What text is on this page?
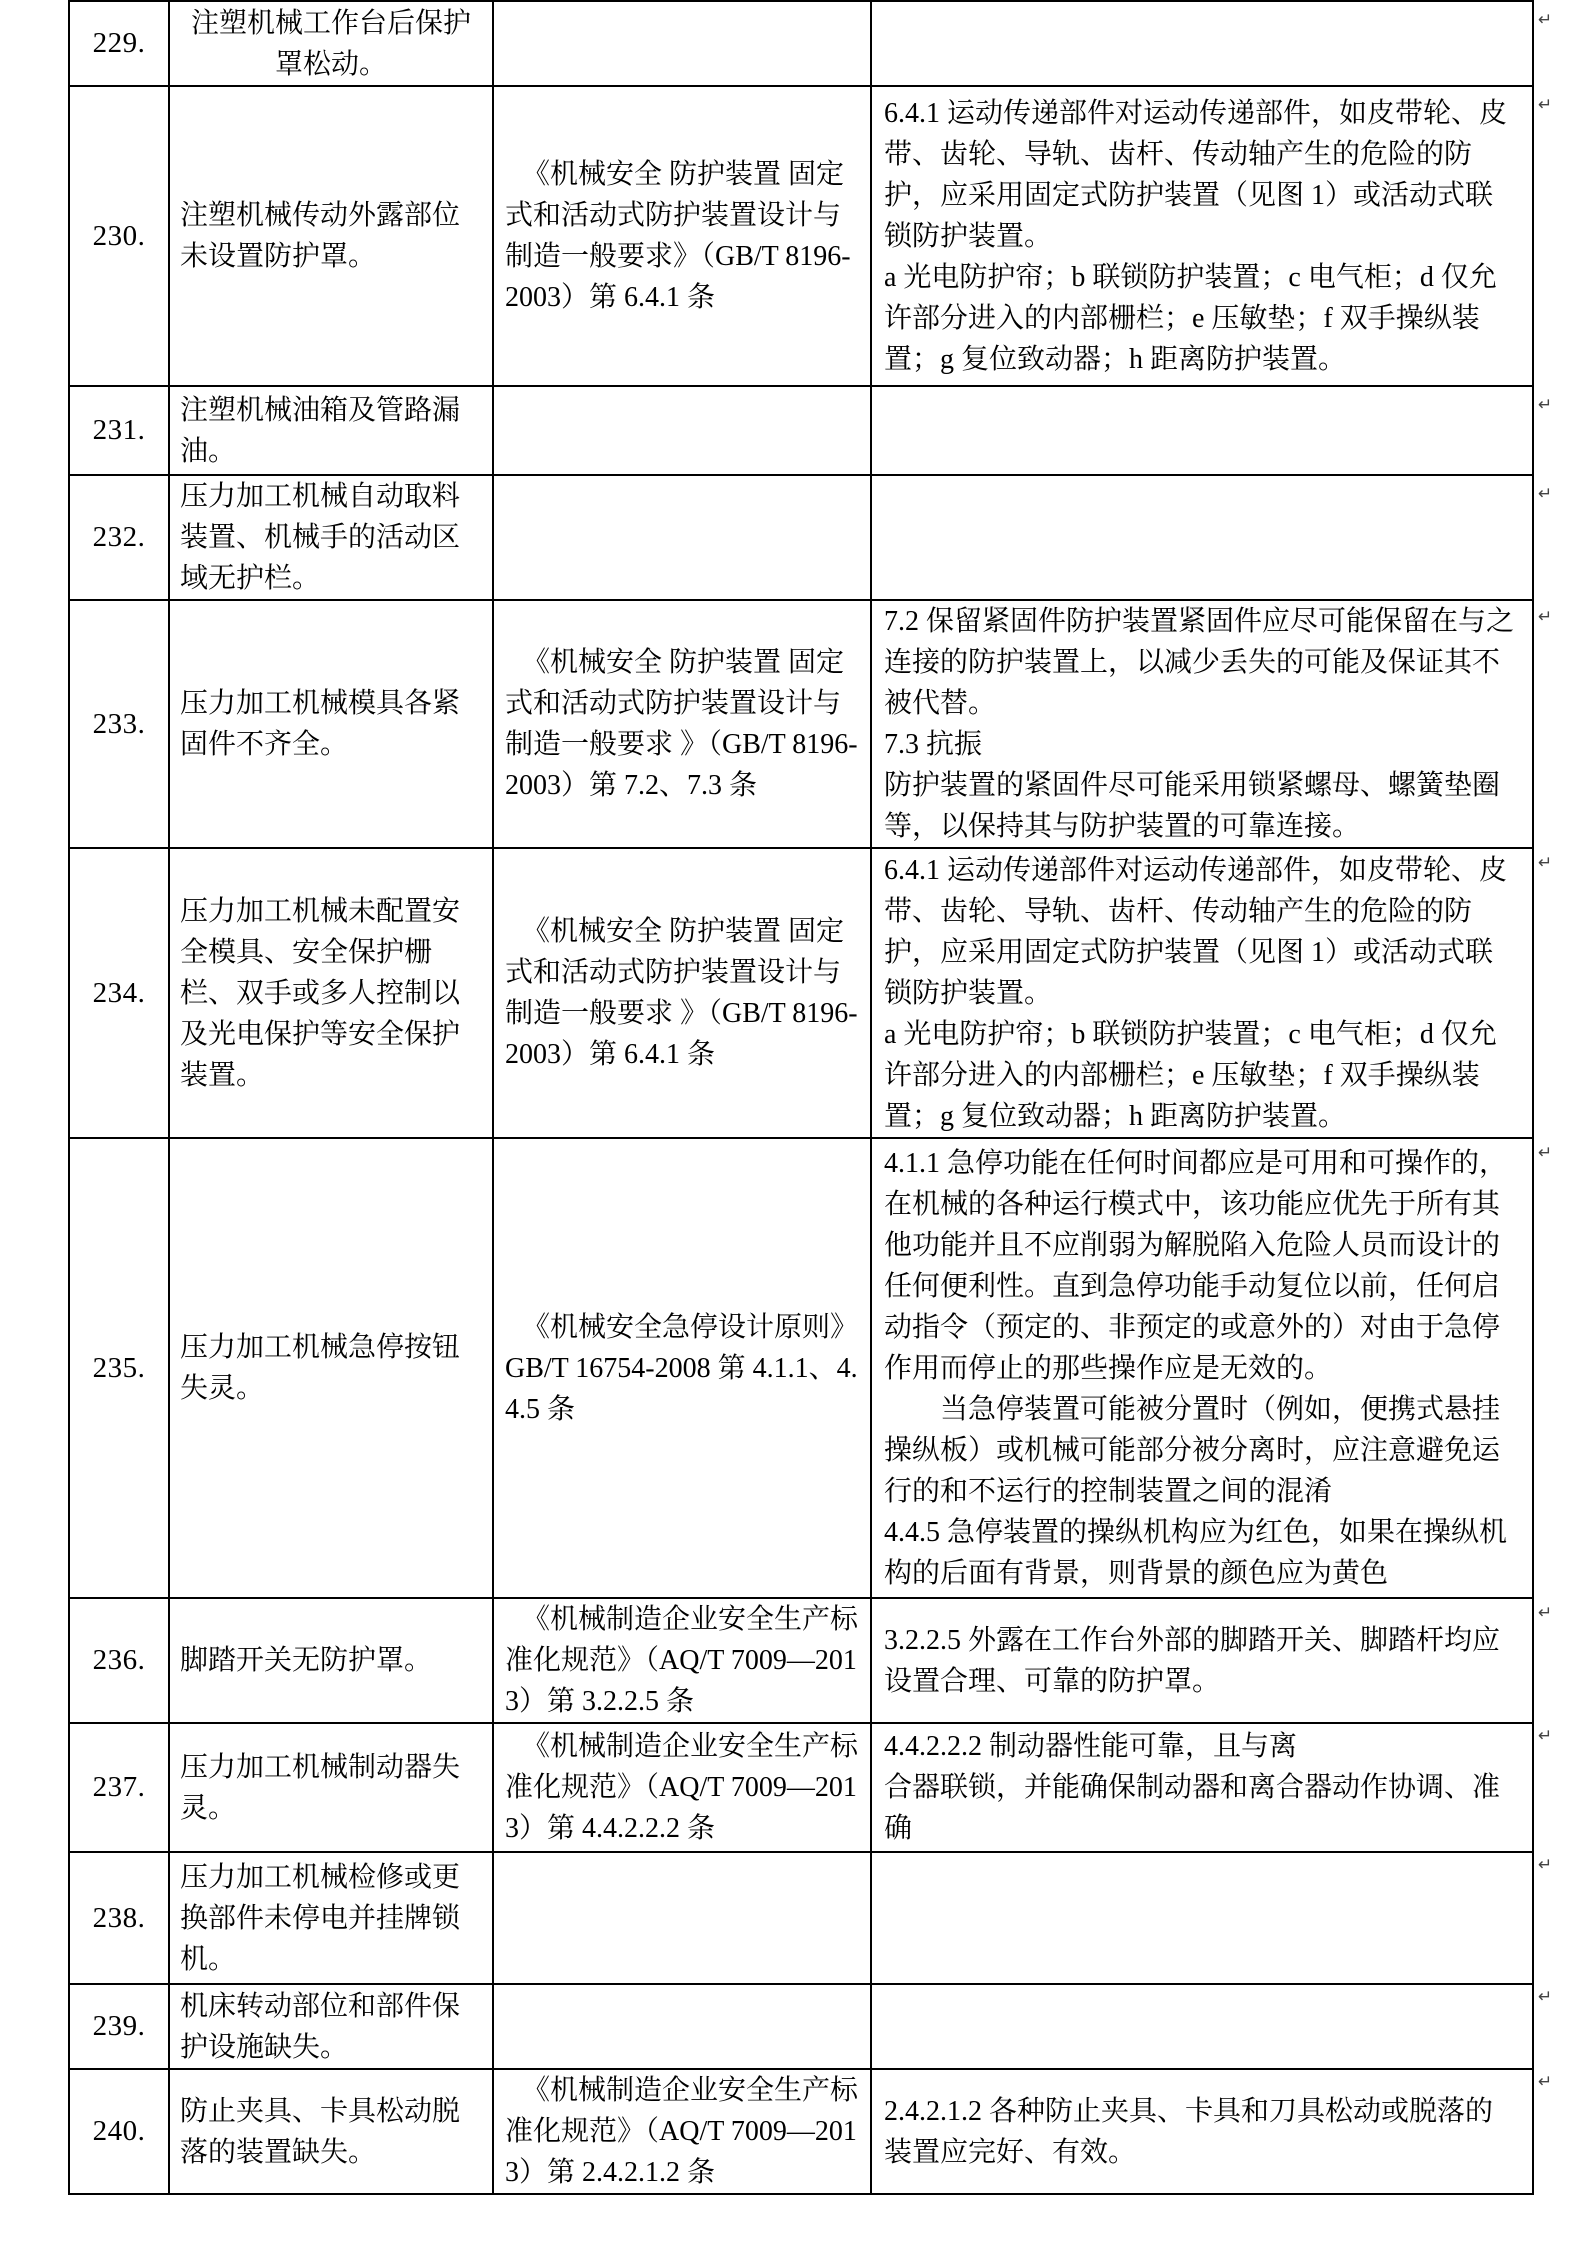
229.	注塑机械工作台后保护罩松动。	

230.	注塑机械传动外露部位未设置防护罩。	《机械安全 防护装置 固定式和活动式防护装置设计与制造一般要求》（GB/T 8196-2003）第 6.4.1 条	6.4.1 运动传递部件对运动传递部件，如皮带轮、皮带、齿轮、导轨、齿杆、传动轴产生的危险的防护，应采用固定式防护装置（见图 1）或活动式联锁防护装置。

a 光电防护帘；b 联锁防护装置；c 电气柜；d 仅允许部分进入的内部栅栏；e 压敏垫；f 双手操纵装置；g 复位致动器；h 距离防护装置。

231.	注塑机械油箱及管路漏油。	

232.	压力加工机械自动取料装置、机械手的活动区域无护栏。	

233.	压力加工机械模具各紧固件不齐全。	《机械安全 防护装置 固定式和活动式防护装置设计与制造一般要求 》（GB/T 8196-2003）第 7.2、7.3 条	7.2 保留紧固件防护装置紧固件应尽可能保留在与之连接的防护装置上，以减少丢失的可能及保证其不被代替。

7.3 抗振

防护装置的紧固件尽可能采用锁紧螺母、螺簧垫圈等，以保持其与防护装置的可靠连接。

234.	压力加工机械未配置安全模具、安全保护栅栏、双手或多人控制以及光电保护等安全保护装置。	《机械安全 防护装置 固定式和活动式防护装置设计与制造一般要求 》（GB/T 8196-2003）第 6.4.1 条	6.4.1 运动传递部件对运动传递部件，如皮带轮、皮带、齿轮、导轨、齿杆、传动轴产生的危险的防护，应采用固定式防护装置（见图 1）或活动式联锁防护装置。

a 光电防护帘；b 联锁防护装置；c 电气柜；d 仅允许部分进入的内部栅栏；e 压敏垫；f 双手操纵装置；g 复位致动器；h 距离防护装置。

235.	压力加工机械急停按钮失灵。	《机械安全急停设计原则》GB/T 16754-2008 第 4.1.1、4.4.5 条	4.1.1 急停功能在任何时间都应是可用和可操作的，在机械的各种运行模式中，该功能应优先于所有其他功能并且不应削弱为解脱陷入危险人员而设计的任何便利性。直到急停功能手动复位以前，任何启动指令（预定的、非预定的或意外的）对由于急停作用而停止的那些操作应是无效的。

　　当急停装置可能被分置时（例如，便携式悬挂操纵板）或机械可能部分被分离时，应注意避免运行的和不运行的控制装置之间的混淆

4.4.5 急停装置的操纵机构应为红色，如果在操纵机构的后面有背景，则背景的颜色应为黄色

236.	脚踏开关无防护罩。	《机械制造企业安全生产标准化规范》（AQ/T 7009—2013）第 3.2.2.5 条	3.2.2.5 外露在工作台外部的脚踏开关、脚踏杆均应设置合理、可靠的防护罩。

237.	压力加工机械制动器失灵。	《机械制造企业安全生产标准化规范》（AQ/T 7009—2013）第 4.4.2.2.2 条	4.4.2.2.2 制动器性能可靠，且与离

合器联锁，并能确保制动器和离合器动作协调、准确

238.	压力加工机械检修或更换部件未停电并挂牌锁机。	

239.	机床转动部位和部件保护设施缺失。	

240.	防止夹具、卡具松动脱落的装置缺失。	《机械制造企业安全生产标准化规范》（AQ/T 7009—2013）第 2.4.2.1.2 条	2.4.2.1.2 各种防止夹具、卡具和刀具松动或脱落的装置应完好、有效。

↵
↵
↵
↵
↵
↵
↵
↵
↵
↵
↵
↵
